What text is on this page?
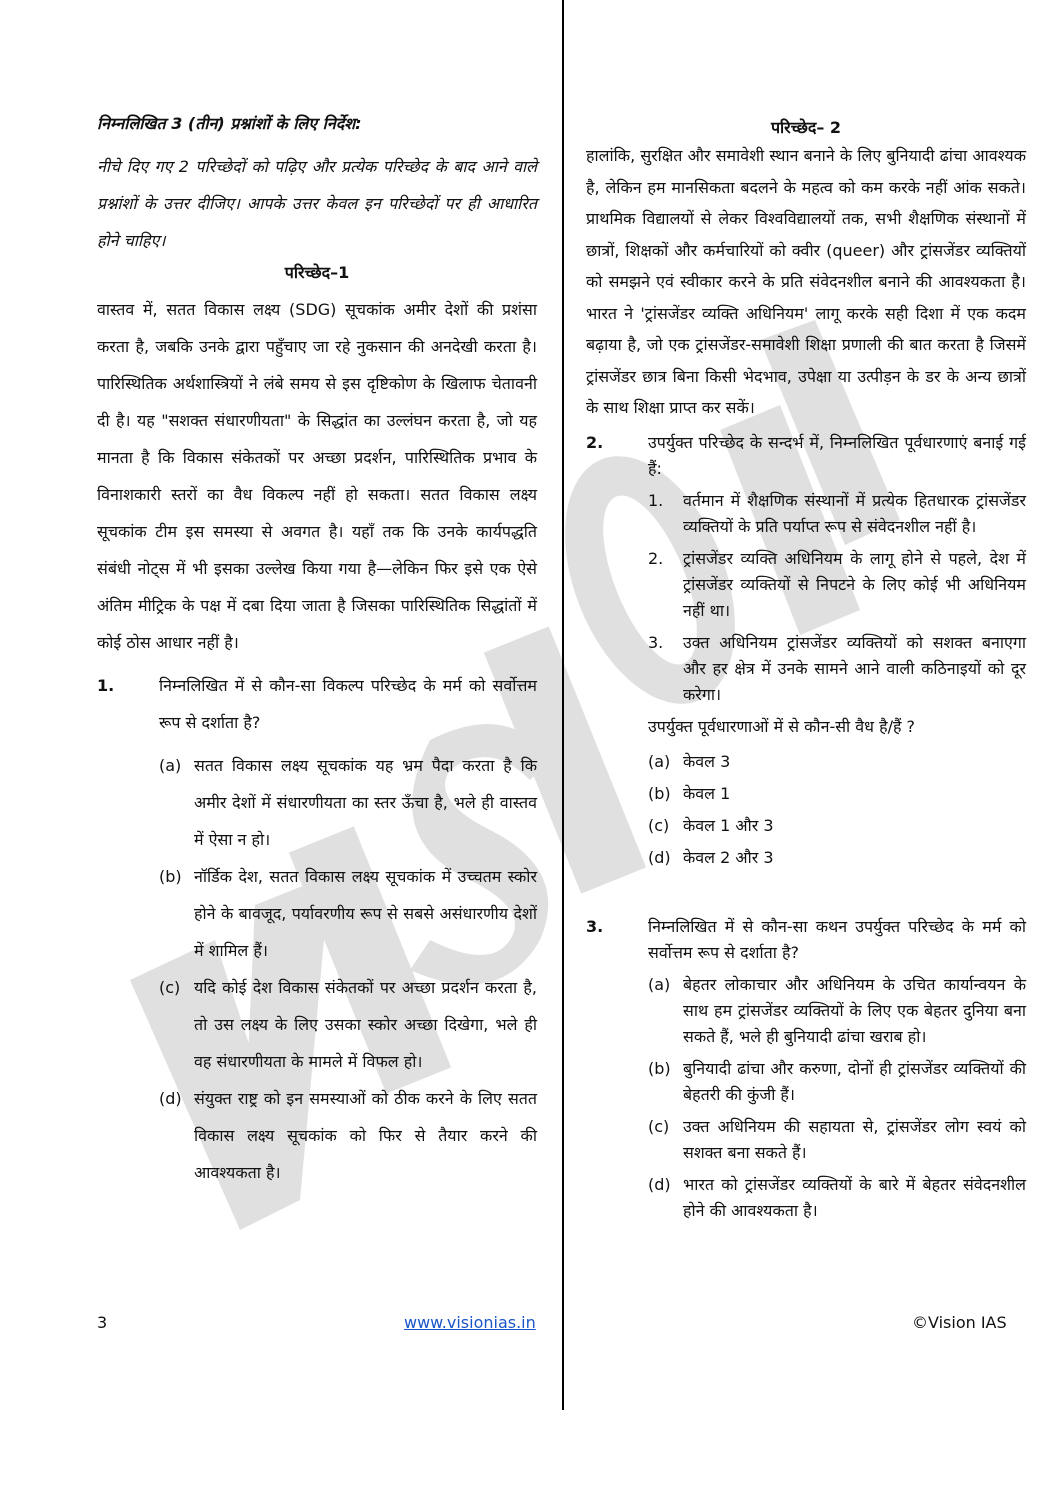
निम्नलिखित 3 (तीन) प्रश्नांशों के लिए निर्देश:

नीचे दिए गए 2 परिच्छेदों को पढ़िए और प्रत्येक परिच्छेद के बाद आने वाले प्रश्नांशों के उत्तर दीजिए। आपके उत्तर केवल इन परिच्छेदों पर ही आधारित होने चाहिए।

परिच्छेद–1

वास्तव में, सतत विकास लक्ष्य (SDG) सूचकांक अमीर देशों की प्रशंसा करता है, जबकि उनके द्वारा पहुँचाए जा रहे नुकसान की अनदेखी करता है। पारिस्थितिक अर्थशास्त्रियों ने लंबे समय से इस दृष्टिकोण के खिलाफ चेतावनी दी है। यह "सशक्त संधारणीयता" के सिद्धांत का उल्लंघन करता है, जो यह मानता है कि विकास संकेतकों पर अच्छा प्रदर्शन, पारिस्थितिक प्रभाव के विनाशकारी स्तरों का वैध विकल्प नहीं हो सकता। सतत विकास लक्ष्य सूचकांक टीम इस समस्या से अवगत है। यहाँ तक कि उनके कार्यपद्धति संबंधी नोट्स में भी इसका उल्लेख किया गया है—लेकिन फिर इसे एक ऐसे अंतिम मीट्रिक के पक्ष में दबा दिया जाता है जिसका पारिस्थितिक सिद्धांतों में कोई ठोस आधार नहीं है।

1.	निम्नलिखित में से कौन-सा विकल्प परिच्छेद के मर्म को सर्वोत्तम रूप से दर्शाता है?
(a) सतत विकास लक्ष्य सूचकांक यह भ्रम पैदा करता है कि अमीर देशों में संधारणीयता का स्तर ऊँचा है, भले ही वास्तव में ऐसा न हो।
(b) नॉर्डिक देश, सतत विकास लक्ष्य सूचकांक में उच्चतम स्कोर होने के बावजूद, पर्यावरणीय रूप से सबसे असंधारणीय देशों में शामिल हैं।
(c) यदि कोई देश विकास संकेतकों पर अच्छा प्रदर्शन करता है, तो उस लक्ष्य के लिए उसका स्कोर अच्छा दिखेगा, भले ही वह संधारणीयता के मामले में विफल हो।
(d) संयुक्त राष्ट्र को इन समस्याओं को ठीक करने के लिए सतत विकास लक्ष्य सूचकांक को फिर से तैयार करने की आवश्यकता है।

परिच्छेद– 2

हालांकि, सुरक्षित और समावेशी स्थान बनाने के लिए बुनियादी ढांचा आवश्यक है, लेकिन हम मानसिकता बदलने के महत्व को कम करके नहीं आंक सकते। प्राथमिक विद्यालयों से लेकर विश्वविद्यालयों तक, सभी शैक्षणिक संस्थानों में छात्रों, शिक्षकों और कर्मचारियों को क्वीर (queer) और ट्रांसजेंडर व्यक्तियों को समझने एवं स्वीकार करने के प्रति संवेदनशील बनाने की आवश्यकता है। भारत ने 'ट्रांसजेंडर व्यक्ति अधिनियम' लागू करके सही दिशा में एक कदम बढ़ाया है, जो एक ट्रांसजेंडर-समावेशी शिक्षा प्रणाली की बात करता है जिसमें ट्रांसजेंडर छात्र बिना किसी भेदभाव, उपेक्षा या उत्पीड़न के डर के अन्य छात्रों के साथ शिक्षा प्राप्त कर सकें।

2.	उपर्युक्त परिच्छेद के सन्दर्भ में, निम्नलिखित पूर्वधारणाएं बनाई गई हैं:
1. वर्तमान में शैक्षणिक संस्थानों में प्रत्येक हितधारक ट्रांसजेंडर व्यक्तियों के प्रति पर्याप्त रूप से संवेदनशील नहीं है।
2. ट्रांसजेंडर व्यक्ति अधिनियम के लागू होने से पहले, देश में ट्रांसजेंडर व्यक्तियों से निपटने के लिए कोई भी अधिनियम नहीं था।
3. उक्त अधिनियम ट्रांसजेंडर व्यक्तियों को सशक्त बनाएगा और हर क्षेत्र में उनके सामने आने वाली कठिनाइयों को दूर करेगा।
उपर्युक्त पूर्वधारणाओं में से कौन-सी वैध है/हैं ?
(a) केवल 3
(b) केवल 1
(c) केवल 1 और 3
(d) केवल 2 और 3
3.	निम्नलिखित में से कौन-सा कथन उपर्युक्त परिच्छेद के मर्म को सर्वोत्तम रूप से दर्शाता है?
(a) बेहतर लोकाचार और अधिनियम के उचित कार्यान्वयन के साथ हम ट्रांसजेंडर व्यक्तियों के लिए एक बेहतर दुनिया बना सकते हैं, भले ही बुनियादी ढांचा खराब हो।
(b) बुनियादी ढांचा और करुणा, दोनों ही ट्रांसजेंडर व्यक्तियों की बेहतरी की कुंजी हैं।
(c) उक्त अधिनियम की सहायता से, ट्रांसजेंडर लोग स्वयं को सशक्त बना सकते हैं।
(d) भारत को ट्रांसजेंडर व्यक्तियों के बारे में बेहतर संवेदनशील होने की आवश्यकता है।
3	www.visionias.in	©Vision IAS
